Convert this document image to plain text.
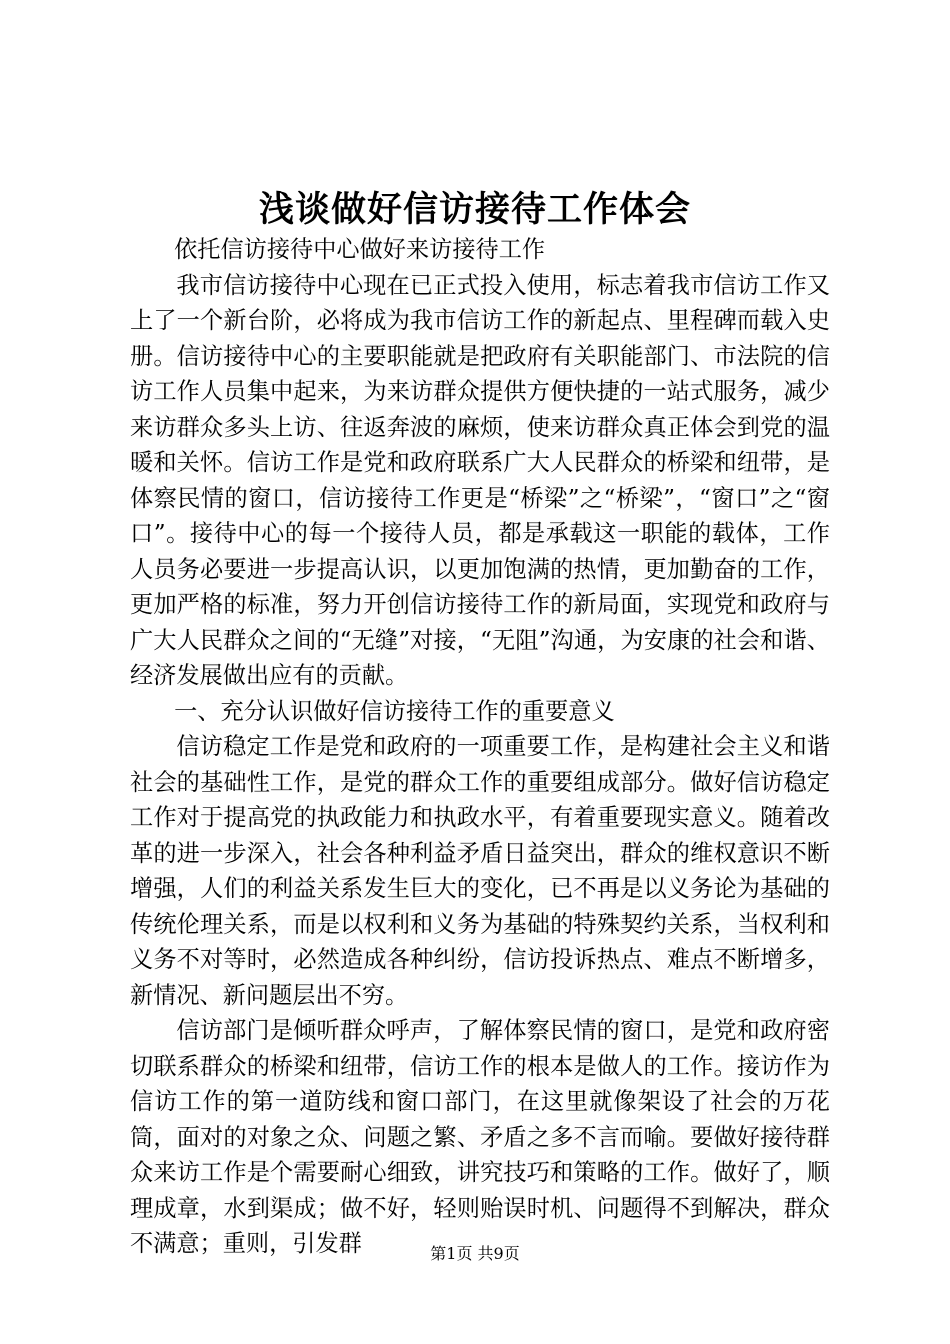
浅谈做好信访接待工作体会

依托信访接待中心做好来访接待工作

我市信访接待中心现在已正式投入使用，标志着我市信访工作又上了一个新台阶，必将成为我市信访工作的新起点、里程碑而载入史册。信访接待中心的主要职能就是把政府有关职能部门、市法院的信访工作人员集中起来，为来访群众提供方便快捷的一站式服务，减少来访群众多头上访、往返奔波的麻烦，使来访群众真正体会到党的温暖和关怀。信访工作是党和政府联系广大人民群众的桥梁和纽带，是体察民情的窗口，信访接待工作更是“桥梁”之“桥梁”，“窗口”之“窗口”。接待中心的每一个接待人员，都是承载这一职能的载体，工作人员务必要进一步提高认识，以更加饱满的热情，更加勤奋的工作，更加严格的标准，努力开创信访接待工作的新局面，实现党和政府与广大人民群众之间的“无缝”对接，“无阻”沟通，为安康的社会和谐、经济发展做出应有的贡献。

一、充分认识做好信访接待工作的重要意义

信访稳定工作是党和政府的一项重要工作，是构建社会主义和谐社会的基础性工作，是党的群众工作的重要组成部分。做好信访稳定工作对于提高党的执政能力和执政水平，有着重要现实意义。随着改革的进一步深入，社会各种利益矛盾日益突出，群众的维权意识不断增强，人们的利益关系发生巨大的变化，已不再是以义务论为基础的传统伦理关系，而是以权利和义务为基础的特殊契约关系，当权利和义务不对等时，必然造成各种纠纷，信访投诉热点、难点不断增多，新情况、新问题层出不穷。

信访部门是倾听群众呼声，了解体察民情的窗口，是党和政府密切联系群众的桥梁和纽带，信访工作的根本是做人的工作。接访作为信访工作的第一道防线和窗口部门，在这里就像架设了社会的万花筒，面对的对象之众、问题之繁、矛盾之多不言而喻。要做好接待群众来访工作是个需要耐心细致，讲究技巧和策略的工作。做好了，顺理成章，水到渠成；做不好，轻则贻误时机、问题得不到解决，群众不满意；重则，引发群	第1页 共9页
